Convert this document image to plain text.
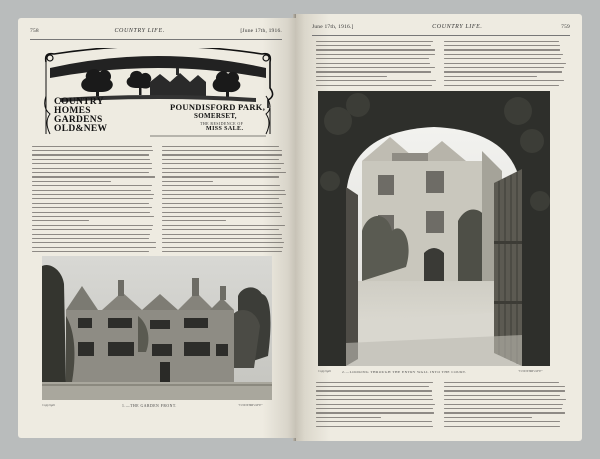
758	COUNTRY LIFE.	[June 17th, 1916.
COUNTRY
HOMES
GARDENS
OLD&NEW
POUNDISFORD PARK,
SOMERSET,
THE RESIDENCE OF
MISS SALE.
Copyright	1.—THE GARDEN FRONT.	"COUNTRY LIFE"
June 17th, 1916.]	COUNTRY LIFE.	759
Copyright	2.—LOOKING THROUGH THE ENTRY WALL INTO THE COURT.	"COUNTRY LIFE"
